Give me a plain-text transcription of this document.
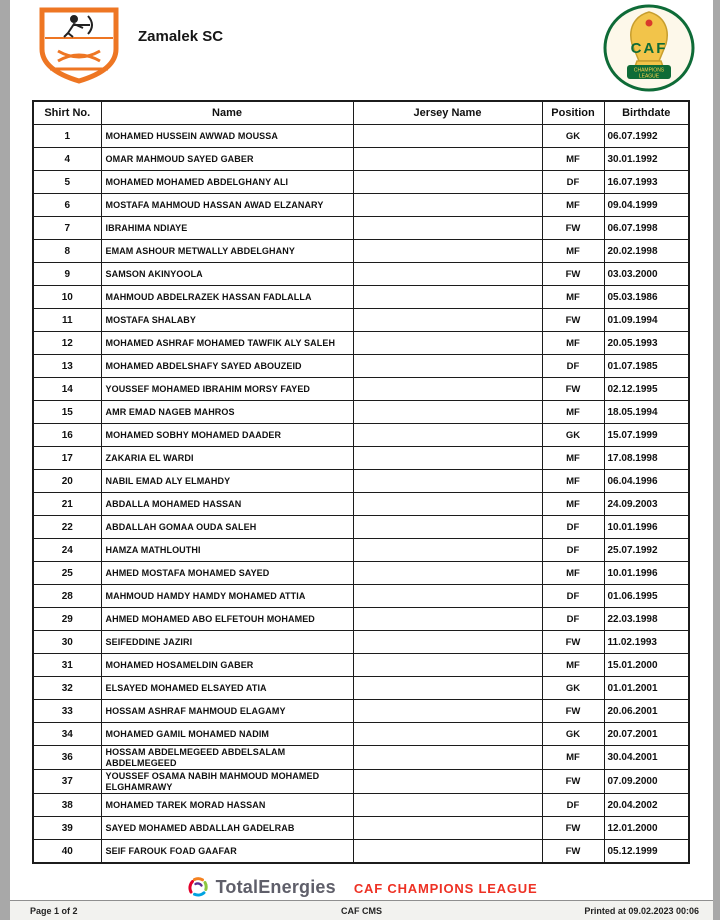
Zamalek SC
CAF
CHAMPIONS
LEAGUE
Shirt No.	Name	Jersey Name	Position	Birthdate
1	MOHAMED HUSSEIN AWWAD MOUSSA		GK	06.07.1992
4	OMAR MAHMOUD SAYED GABER		MF	30.01.1992
5	MOHAMED MOHAMED ABDELGHANY ALI		DF	16.07.1993
6	MOSTAFA MAHMOUD HASSAN AWAD ELZANARY		MF	09.04.1999
7	IBRAHIMA NDIAYE		FW	06.07.1998
8	EMAM ASHOUR METWALLY ABDELGHANY		MF	20.02.1998
9	SAMSON AKINYOOLA		FW	03.03.2000
10	MAHMOUD ABDELRAZEK HASSAN FADLALLA		MF	05.03.1986
11	MOSTAFA SHALABY		FW	01.09.1994
12	MOHAMED ASHRAF MOHAMED TAWFIK ALY SALEH		MF	20.05.1993
13	MOHAMED ABDELSHAFY SAYED ABOUZEID		DF	01.07.1985
14	YOUSSEF MOHAMED IBRAHIM MORSY FAYED		FW	02.12.1995
15	AMR EMAD NAGEB MAHROS		MF	18.05.1994
16	MOHAMED SOBHY MOHAMED DAADER		GK	15.07.1999
17	ZAKARIA EL WARDI		MF	17.08.1998
20	NABIL EMAD ALY ELMAHDY		MF	06.04.1996
21	ABDALLA MOHAMED HASSAN		MF	24.09.2003
22	ABDALLAH GOMAA OUDA SALEH		DF	10.01.1996
24	HAMZA MATHLOUTHI		DF	25.07.1992
25	AHMED MOSTAFA MOHAMED SAYED		MF	10.01.1996
28	MAHMOUD HAMDY HAMDY MOHAMED ATTIA		DF	01.06.1995
29	AHMED MOHAMED ABO ELFETOUH MOHAMED		DF	22.03.1998
30	SEIFEDDINE JAZIRI		FW	11.02.1993
31	MOHAMED HOSAMELDIN GABER		MF	15.01.2000
32	ELSAYED MOHAMED ELSAYED ATIA		GK	01.01.2001
33	HOSSAM ASHRAF MAHMOUD ELAGAMY		FW	20.06.2001
34	MOHAMED GAMIL MOHAMED NADIM		GK	20.07.2001
36	HOSSAM ABDELMEGEED ABDELSALAM ABDELMEGEED		MF	30.04.2001
37	YOUSSEF OSAMA NABIH MAHMOUD MOHAMED ELGHAMRAWY		FW	07.09.2000
38	MOHAMED TAREK MORAD HASSAN		DF	20.04.2002
39	SAYED MOHAMED ABDALLAH GADELRAB		FW	12.01.2000
40	SEIF FAROUK FOAD GAAFAR		FW	05.12.1999
TotalEnergies CAF CHAMPIONS LEAGUE
Page 1 of 2	CAF CMS	Printed at 09.02.2023 00:06
